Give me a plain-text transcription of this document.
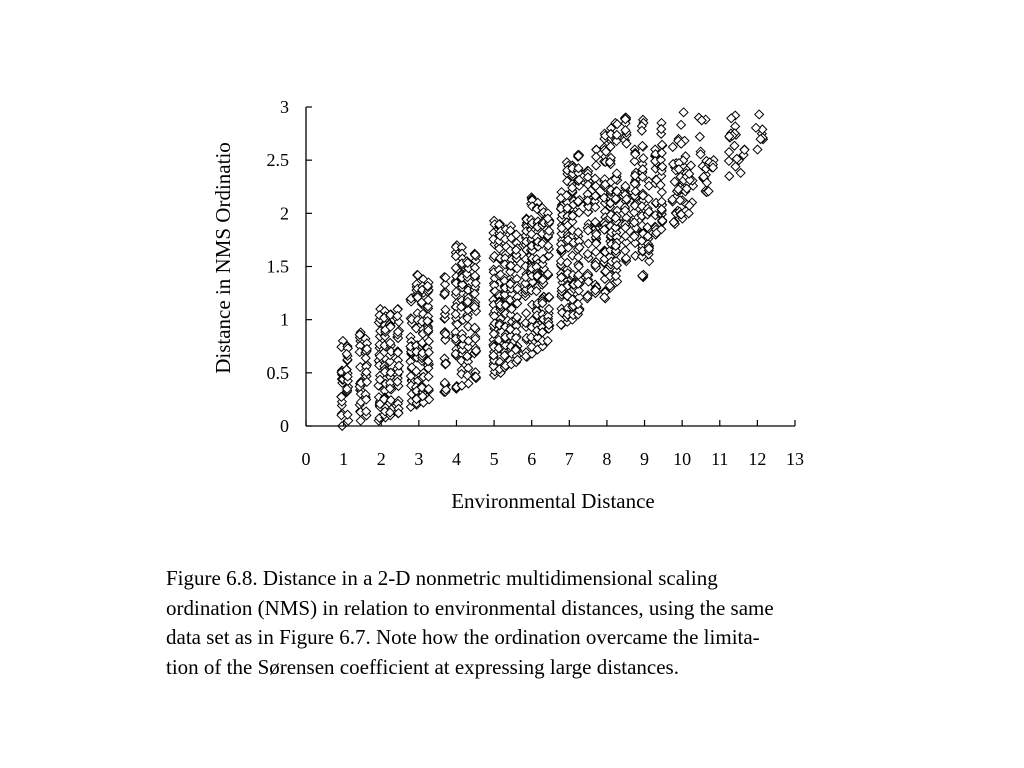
0
0.5
1
1.5
2
2.5
3
0 1 2 3 4 5 6 7 8 9 10 11 12 13
Environmental Distance
Distance in NMS Ordinatio
Figure 6.8. Distance in a 2-D nonmetric multidimensional scaling
ordination (NMS) in relation to environmental distances, using the same
data set as in Figure 6.7. Note how the ordination overcame the limita-
tion of the Sørensen coefficient at expressing large distances.
